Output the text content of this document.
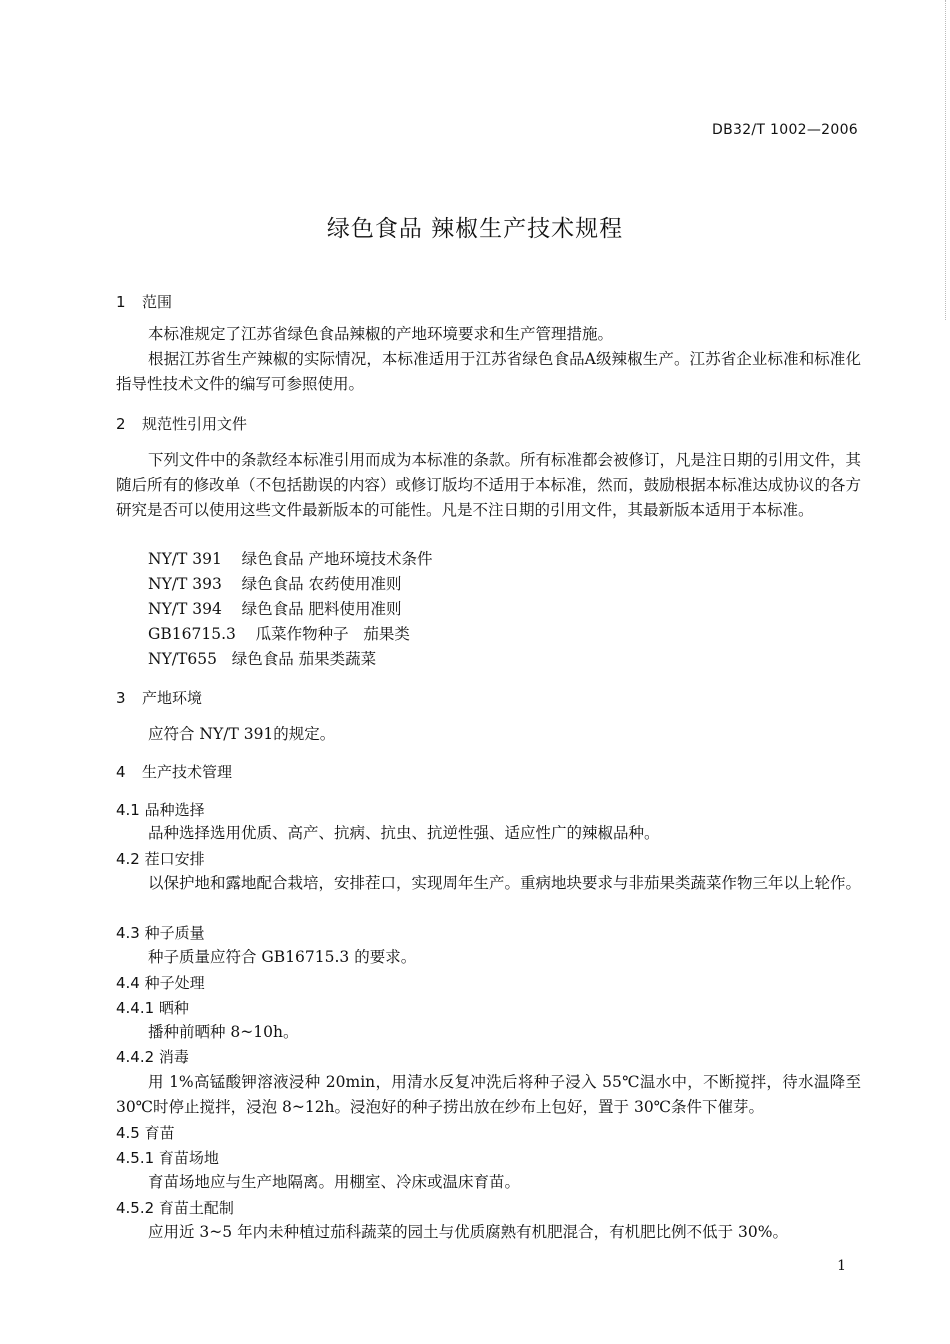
DB32/T 1002—2006
绿色食品 辣椒生产技术规程
1 范围
本标准规定了江苏省绿色食品辣椒的产地环境要求和生产管理措施。
根据江苏省生产辣椒的实际情况，本标准适用于江苏省绿色食品A级辣椒生产。江苏省企业标准和标准化指导性技术文件的编写可参照使用。
2 规范性引用文件
下列文件中的条款经本标准引用而成为本标准的条款。所有标准都会被修订，凡是注日期的引用文件，其随后所有的修改单（不包括勘误的内容）或修订版均不适用于本标准，然而，鼓励根据本标准达成协议的各方研究是否可以使用这些文件最新版本的可能性。凡是不注日期的引用文件，其最新版本适用于本标准。
NY/T 391    绿色食品 产地环境技术条件
NY/T 393    绿色食品 农药使用准则
NY/T 394    绿色食品 肥料使用准则
GB16715.3    瓜菜作物种子   茄果类
NY/T655   绿色食品 茄果类蔬菜
3 产地环境
应符合 NY/T 391的规定。
4 生产技术管理
4.1 品种选择
品种选择选用优质、高产、抗病、抗虫、抗逆性强、适应性广的辣椒品种。
4.2 茬口安排
以保护地和露地配合栽培，安排茬口，实现周年生产。重病地块要求与非茄果类蔬菜作物三年以上轮作。
4.3 种子质量
种子质量应符合 GB16715.3 的要求。
4.4 种子处理
4.4.1 晒种
播种前晒种 8~10h。
4.4.2 消毒
用 1%高锰酸钾溶液浸种 20min，用清水反复冲洗后将种子浸入 55℃温水中，不断搅拌，待水温降至 30℃时停止搅拌，浸泡 8~12h。浸泡好的种子捞出放在纱布上包好，置于 30℃条件下催芽。
4.5 育苗
4.5.1 育苗场地
育苗场地应与生产地隔离。用棚室、冷床或温床育苗。
4.5.2 育苗土配制
应用近 3~5 年内未种植过茄科蔬菜的园土与优质腐熟有机肥混合，有机肥比例不低于 30%。
1
